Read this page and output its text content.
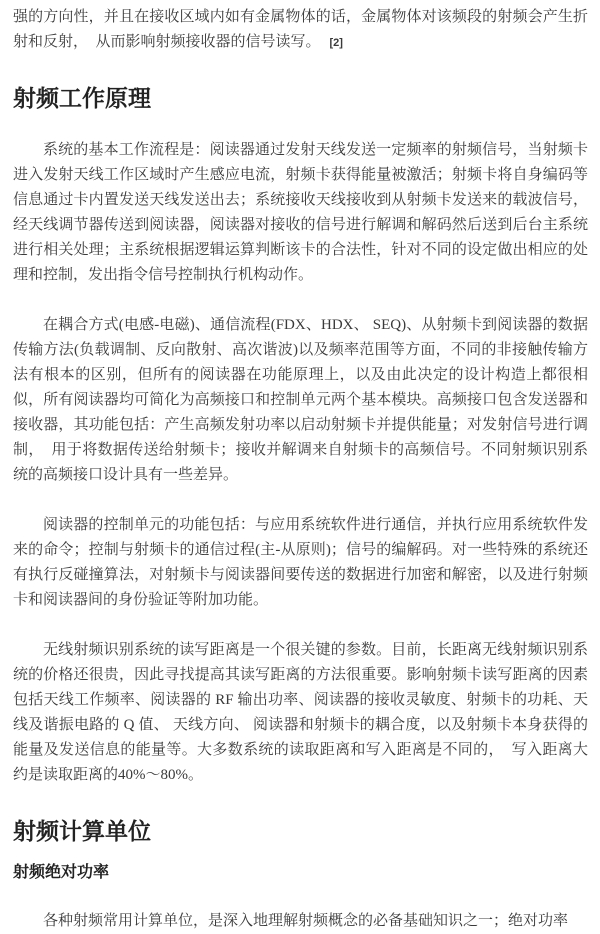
强的方向性，并且在接收区域内如有金属物体的话，金属物体对该频段的射频会产生折射和反射，　从而影响射频接收器的信号读写。 [2]

射频工作原理

系统的基本工作流程是：阅读器通过发射天线发送一定频率的射频信号，当射频卡进入发射天线工作区域时产生感应电流，射频卡获得能量被激活；射频卡将自身编码等信息通过卡内置发送天线发送出去；系统接收天线接收到从射频卡发送来的载波信号，经天线调节器传送到阅读器，阅读器对接收的信号进行解调和解码然后送到后台主系统进行相关处理；主系统根据逻辑运算判断该卡的合法性，针对不同的设定做出相应的处理和控制，发出指令信号控制执行机构动作。

在耦合方式(电感-电磁)、通信流程(FDX、HDX、 SEQ)、从射频卡到阅读器的数据传输方法(负载调制、反向散射、高次谐波)以及频率范围等方面，不同的非接触传输方法有根本的区别，但所有的阅读器在功能原理上，以及由此决定的设计构造上都很相似，所有阅读器均可简化为高频接口和控制单元两个基本模块。高频接口包含发送器和接收器，其功能包括：产生高频发射功率以启动射频卡并提供能量；对发射信号进行调制，　用于将数据传送给射频卡；接收并解调来自射频卡的高频信号。不同射频识别系统的高频接口设计具有一些差异。

阅读器的控制单元的功能包括：与应用系统软件进行通信，并执行应用系统软件发来的命令；控制与射频卡的通信过程(主-从原则)；信号的编解码。对一些特殊的系统还有执行反碰撞算法，对射频卡与阅读器间要传送的数据进行加密和解密，以及进行射频卡和阅读器间的身份验证等附加功能。

无线射频识别系统的读写距离是一个很关键的参数。目前，长距离无线射频识别系统的价格还很贵，因此寻找提高其读写距离的方法很重要。影响射频卡读写距离的因素包括天线工作频率、阅读器的 RF 输出功率、阅读器的接收灵敏度、射频卡的功耗、天线及谐振电路的 Q 值、 天线方向、 阅读器和射频卡的耦合度，以及射频卡本身获得的能量及发送信息的能量等。大多数系统的读取距离和写入距离是不同的，　写入距离大约是读取距离的40%～80%。

射频计算单位
射频绝对功率

各种射频常用计算单位，是深入地理解射频概念的必备基础知识之一；绝对功率
